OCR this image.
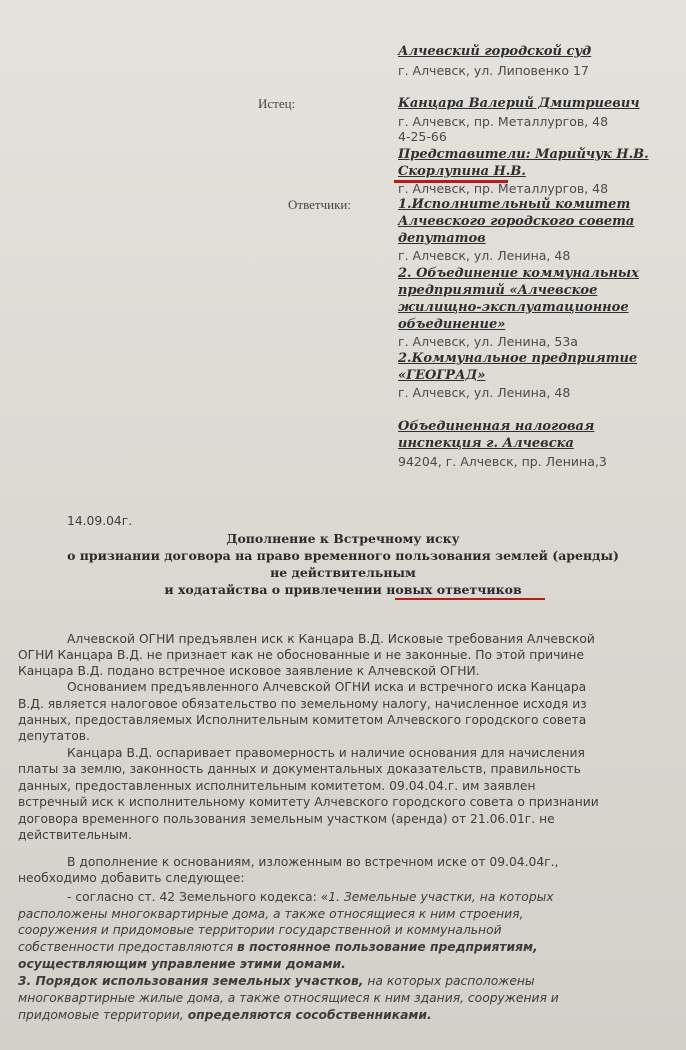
Алчевский городской суд
г. Алчевск, ул. Липовенко 17
Истец:	Канцара Валерий Дмитриевич
г. Алчевск, пр. Металлургов, 48
4-25-66
Представители: Марийчук Н.В.
Скорлупина Н.В.
г. Алчевск, пр. Металлургов, 48
Ответчики:	1.Исполнительный комитет
Алчевского городского совета
депутатов
г. Алчевск, ул. Ленина, 48
2. Объединение коммунальных
предприятий «Алчевское
жилищно-эксплуатационное
объединение»
г. Алчевск, ул. Ленина, 53а
2.Коммунальное предприятие
«ГЕОГРАД»
г. Алчевск, ул. Ленина, 48
Объединенная налоговая
инспекция г. Алчевска
94204, г. Алчевск, пр. Ленина,3
14.09.04г.
Дополнение к Встречному иску
о признании договора на право временного пользования землей (аренды)
не действительным
и ходатайства о привлечении новых ответчиков
Алчевской ОГНИ предъявлен иск к Канцара В.Д. Исковые требования Алчевской
ОГНИ Канцара В.Д. не признает как не обоснованные и не законные. По этой причине
Канцара В.Д. подано встречное исковое заявление к Алчевской ОГНИ.
Основанием предъявленного Алчевской ОГНИ иска и встречного иска Канцара
В.Д. является налоговое обязательство по земельному налогу, начисленное исходя из
данных, предоставляемых Исполнительным комитетом Алчевского городского совета
депутатов.
Канцара В.Д. оспаривает правомерность и наличие основания для начисления
платы за землю, законность данных и документальных доказательств, правильность
данных, предоставленных исполнительным комитетом. 09.04.04.г. им заявлен
встречный иск к исполнительному комитету Алчевского городского совета о признании
договора временного пользования земельным участком (аренда) от 21.06.01г. не
действительным.
В дополнение к основаниям, изложенным во встречном иске от 09.04.04г.,
необходимо добавить следующее:
- согласно ст. 42 Земельного кодекса: «1. Земельные участки, на которых
расположены многоквартирные дома, а также относящиеся к ним строения,
сооружения и придомовые территории государственной и коммунальной
собственности предоставляются в постоянное пользование предприятиям,
осуществляющим управление этими домами.
3. Порядок использования земельных участков, на которых расположены
многоквартирные жилые дома, а также относящиеся к ним здания, сооружения и
придомовые территории, определяются сособственниками.
